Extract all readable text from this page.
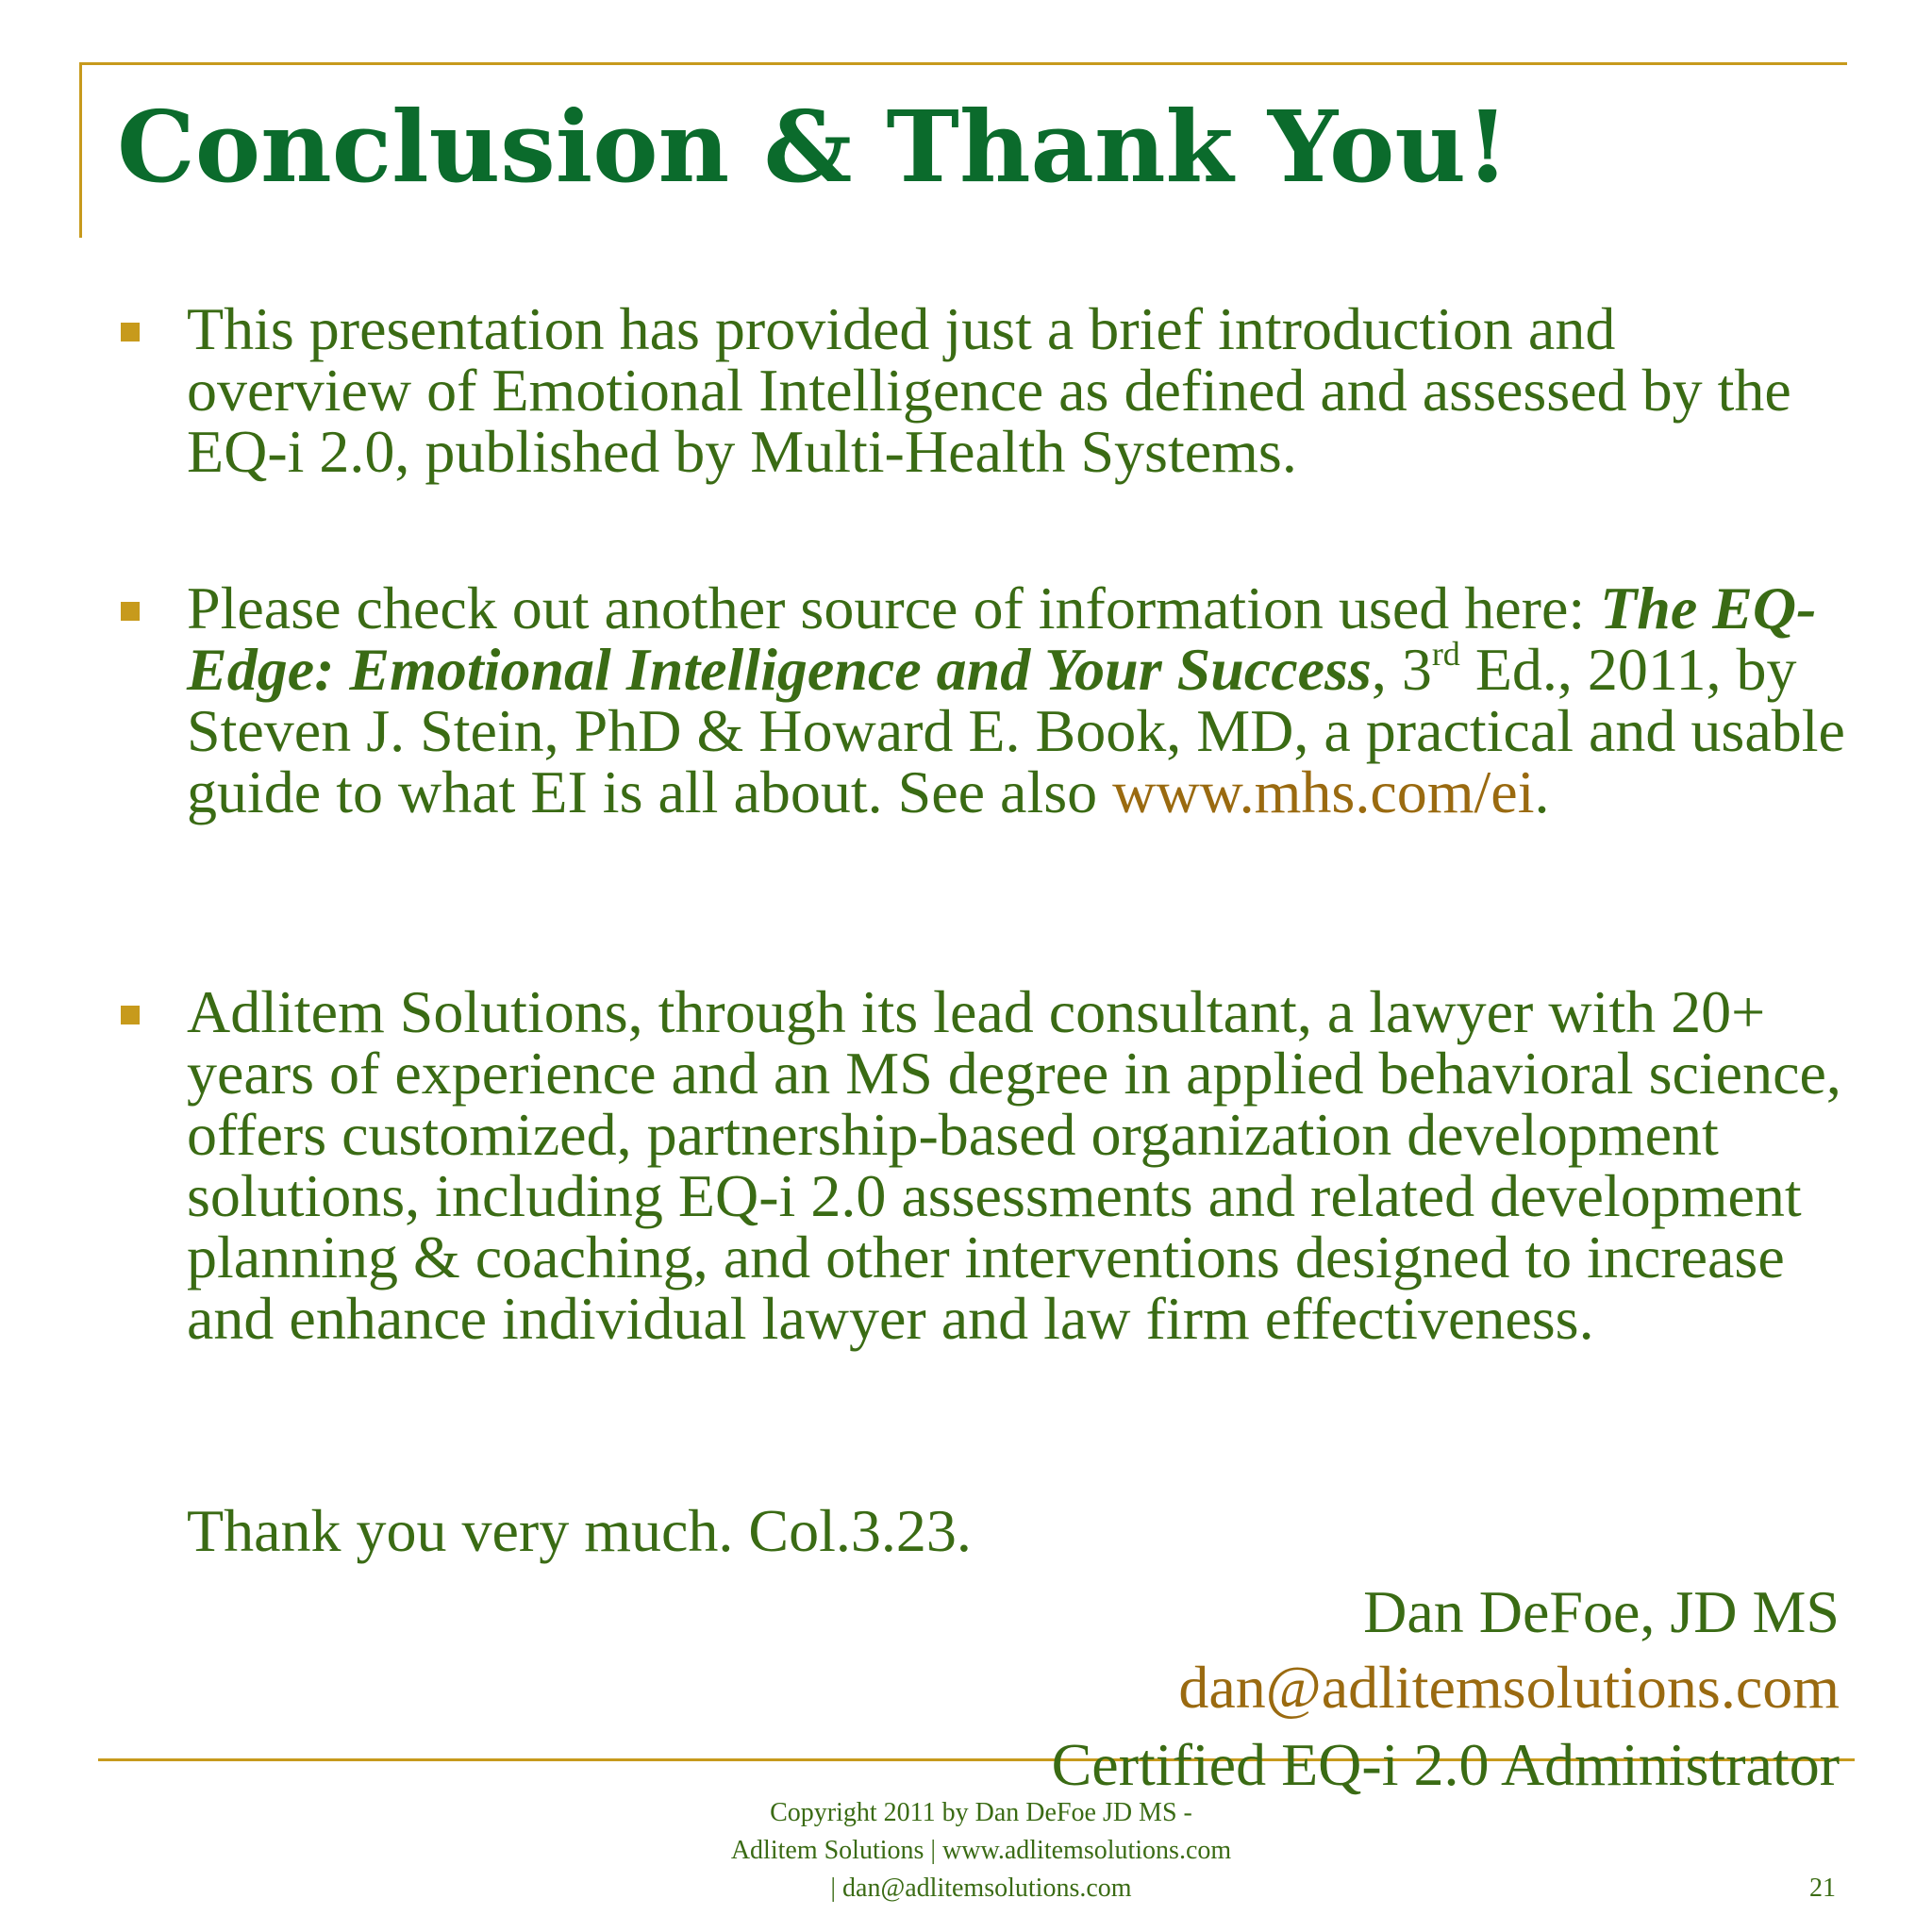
Conclusion & Thank You!
This presentation has provided just a brief introduction and overview of Emotional Intelligence as defined and assessed by the EQ-i 2.0, published by Multi-Health Systems.
Please check out another source of information used here: The EQ-Edge: Emotional Intelligence and Your Success, 3rd Ed., 2011, by Steven J. Stein, PhD & Howard E. Book, MD, a practical and usable guide to what EI is all about. See also www.mhs.com/ei.
Adlitem Solutions, through its lead consultant, a lawyer with 20+ years of experience and an MS degree in applied behavioral science, offers customized, partnership-based organization development solutions, including EQ-i 2.0 assessments and related development planning & coaching, and other interventions designed to increase and enhance individual lawyer and law firm effectiveness.
Thank you very much. Col.3.23.
Dan DeFoe, JD MS
dan@adlitemsolutions.com
Certified EQ-i 2.0 Administrator
Copyright 2011 by Dan DeFoe JD MS -
Adlitem Solutions | www.adlitemsolutions.com
| dan@adlitemsolutions.com	21
